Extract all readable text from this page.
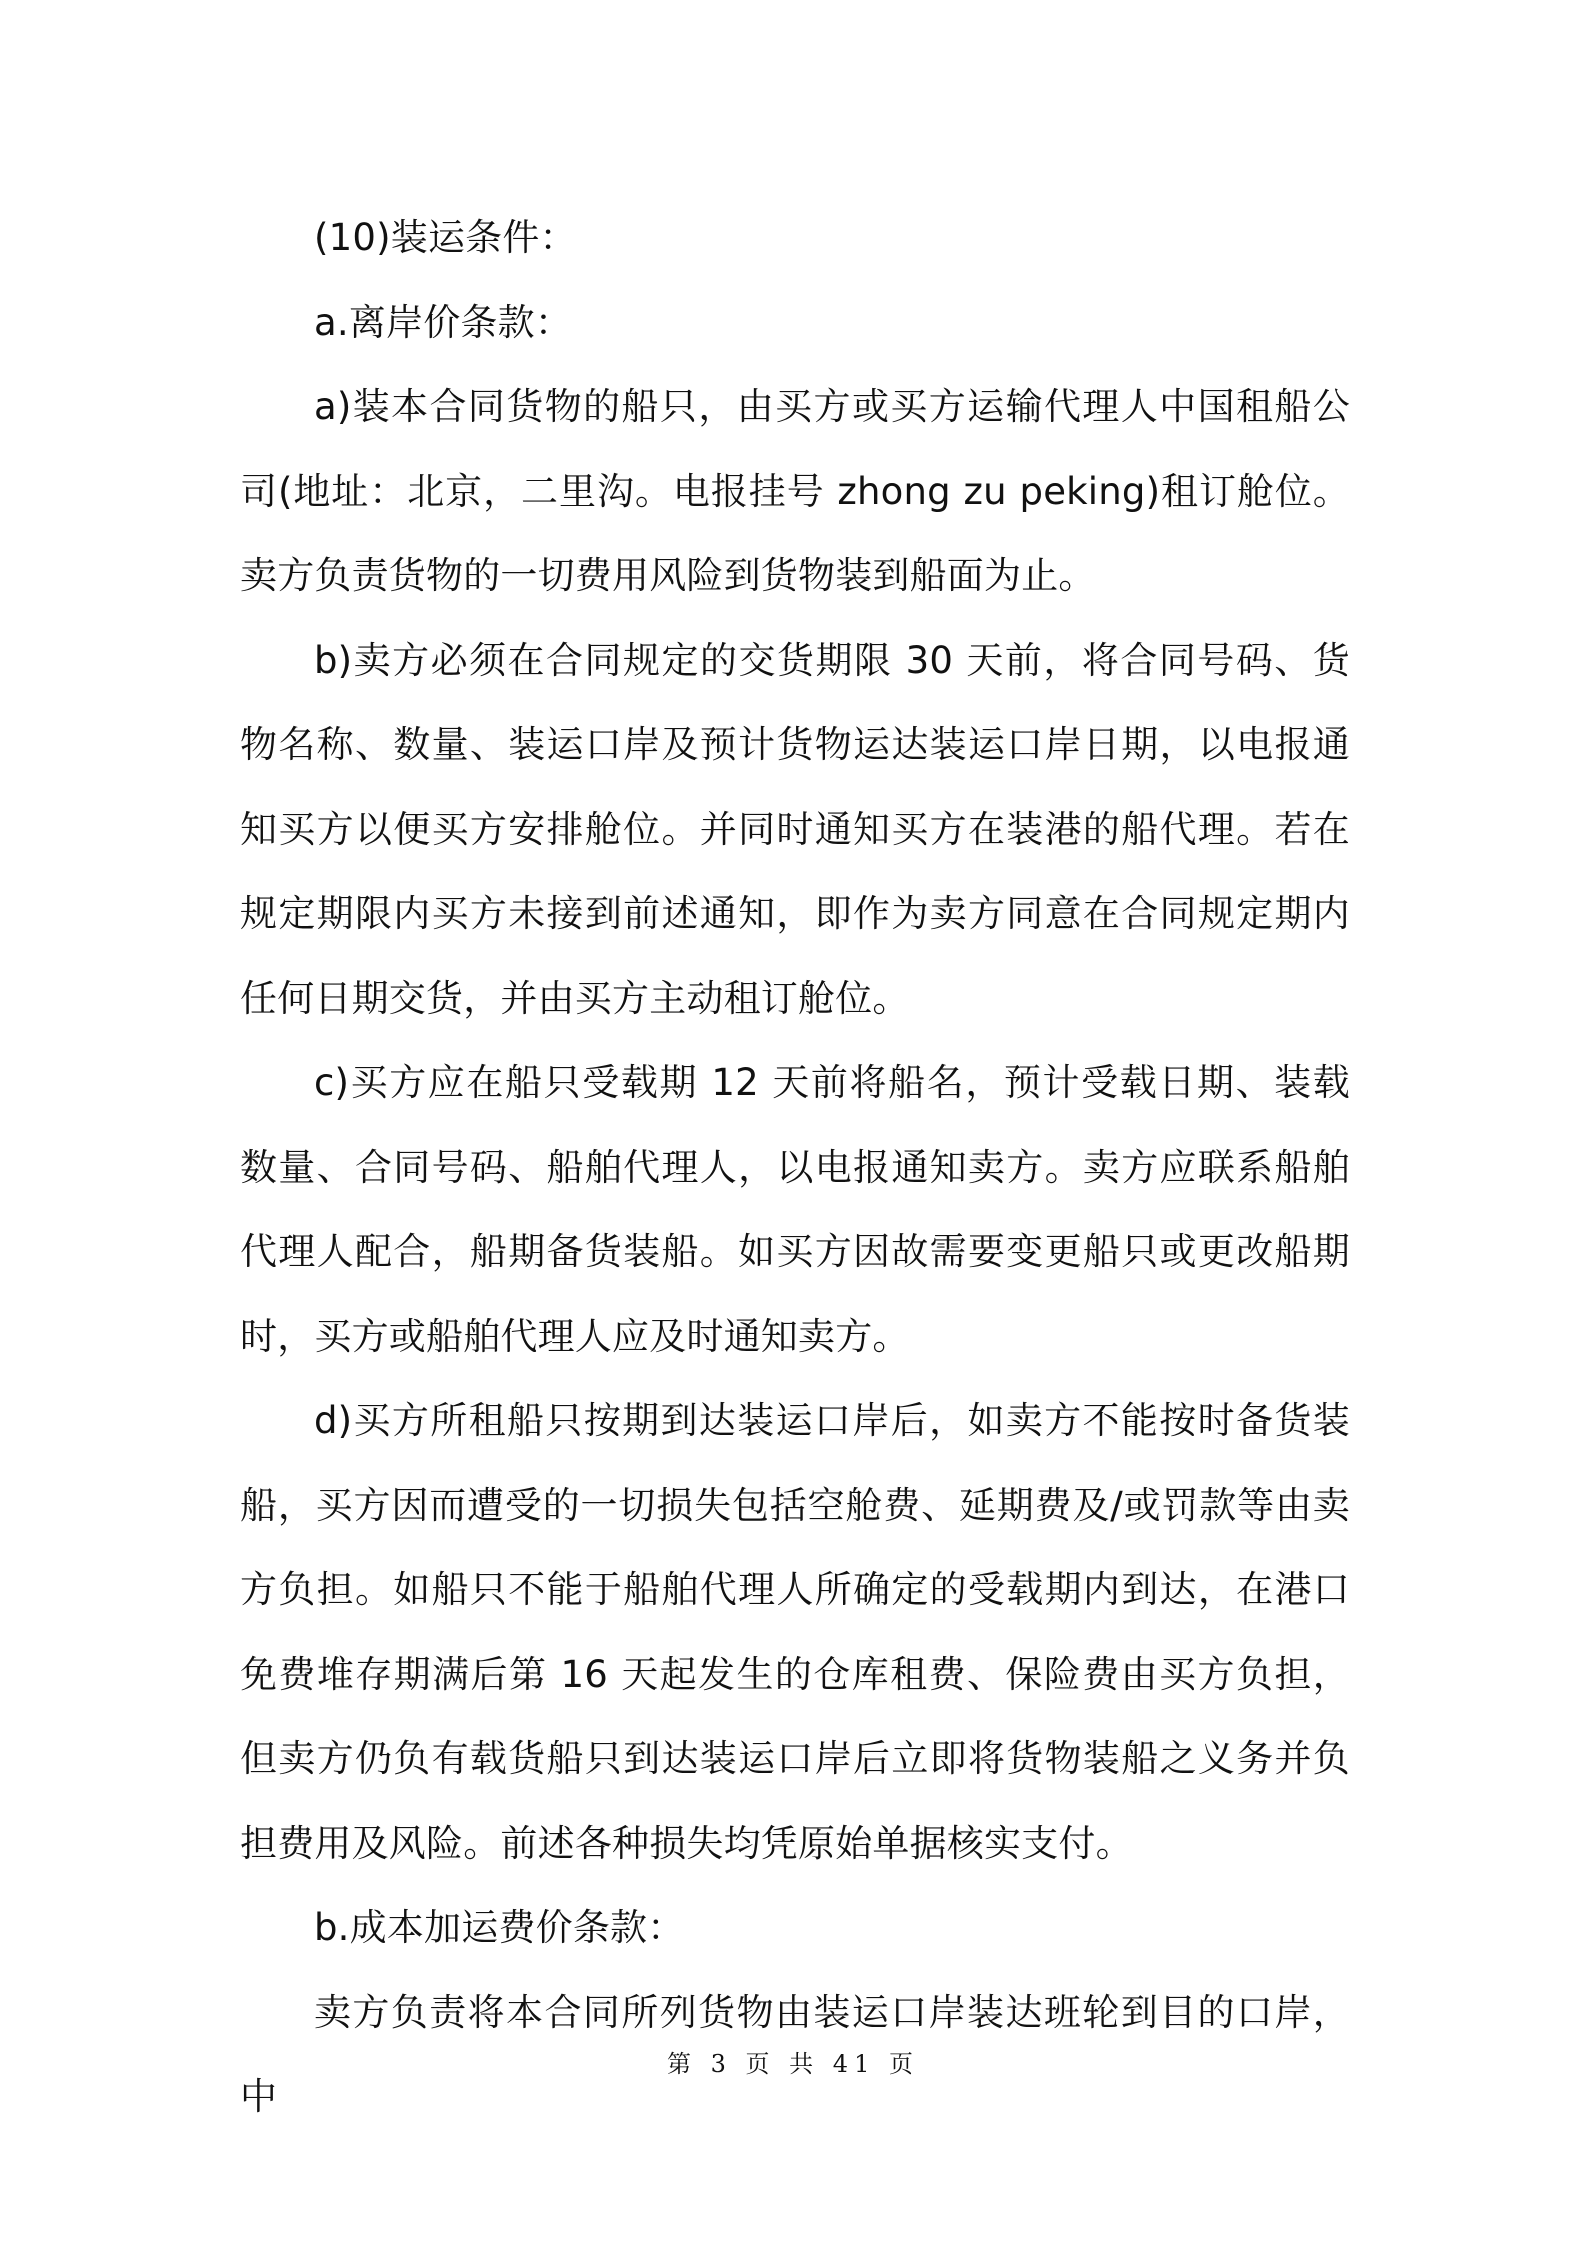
(10)装运条件：

a.离岸价条款：

a)装本合同货物的船只，由买方或买方运输代理人中国租船公司(地址：北京，二里沟。电报挂号 zhong zu peking)租订舱位。卖方负责货物的一切费用风险到货物装到船面为止。

b)卖方必须在合同规定的交货期限 30 天前，将合同号码、货物名称、数量、装运口岸及预计货物运达装运口岸日期，以电报通知买方以便买方安排舱位。并同时通知买方在装港的船代理。若在规定期限内买方未接到前述通知，即作为卖方同意在合同规定期内任何日期交货，并由买方主动租订舱位。

c)买方应在船只受载期 12 天前将船名，预计受载日期、装载数量、合同号码、船舶代理人，以电报通知卖方。卖方应联系船舶代理人配合，船期备货装船。如买方因故需要变更船只或更改船期时，买方或船舶代理人应及时通知卖方。

d)买方所租船只按期到达装运口岸后，如卖方不能按时备货装船，买方因而遭受的一切损失包括空舱费、延期费及/或罚款等由卖方负担。如船只不能于船舶代理人所确定的受载期内到达，在港口免费堆存期满后第 16 天起发生的仓库租费、保险费由买方负担，但卖方仍负有载货船只到达装运口岸后立即将货物装船之义务并负担费用及风险。前述各种损失均凭原始单据核实支付。

b.成本加运费价条款：

卖方负责将本合同所列货物由装运口岸装达班轮到目的口岸，中

第 3 页 共 41 页
